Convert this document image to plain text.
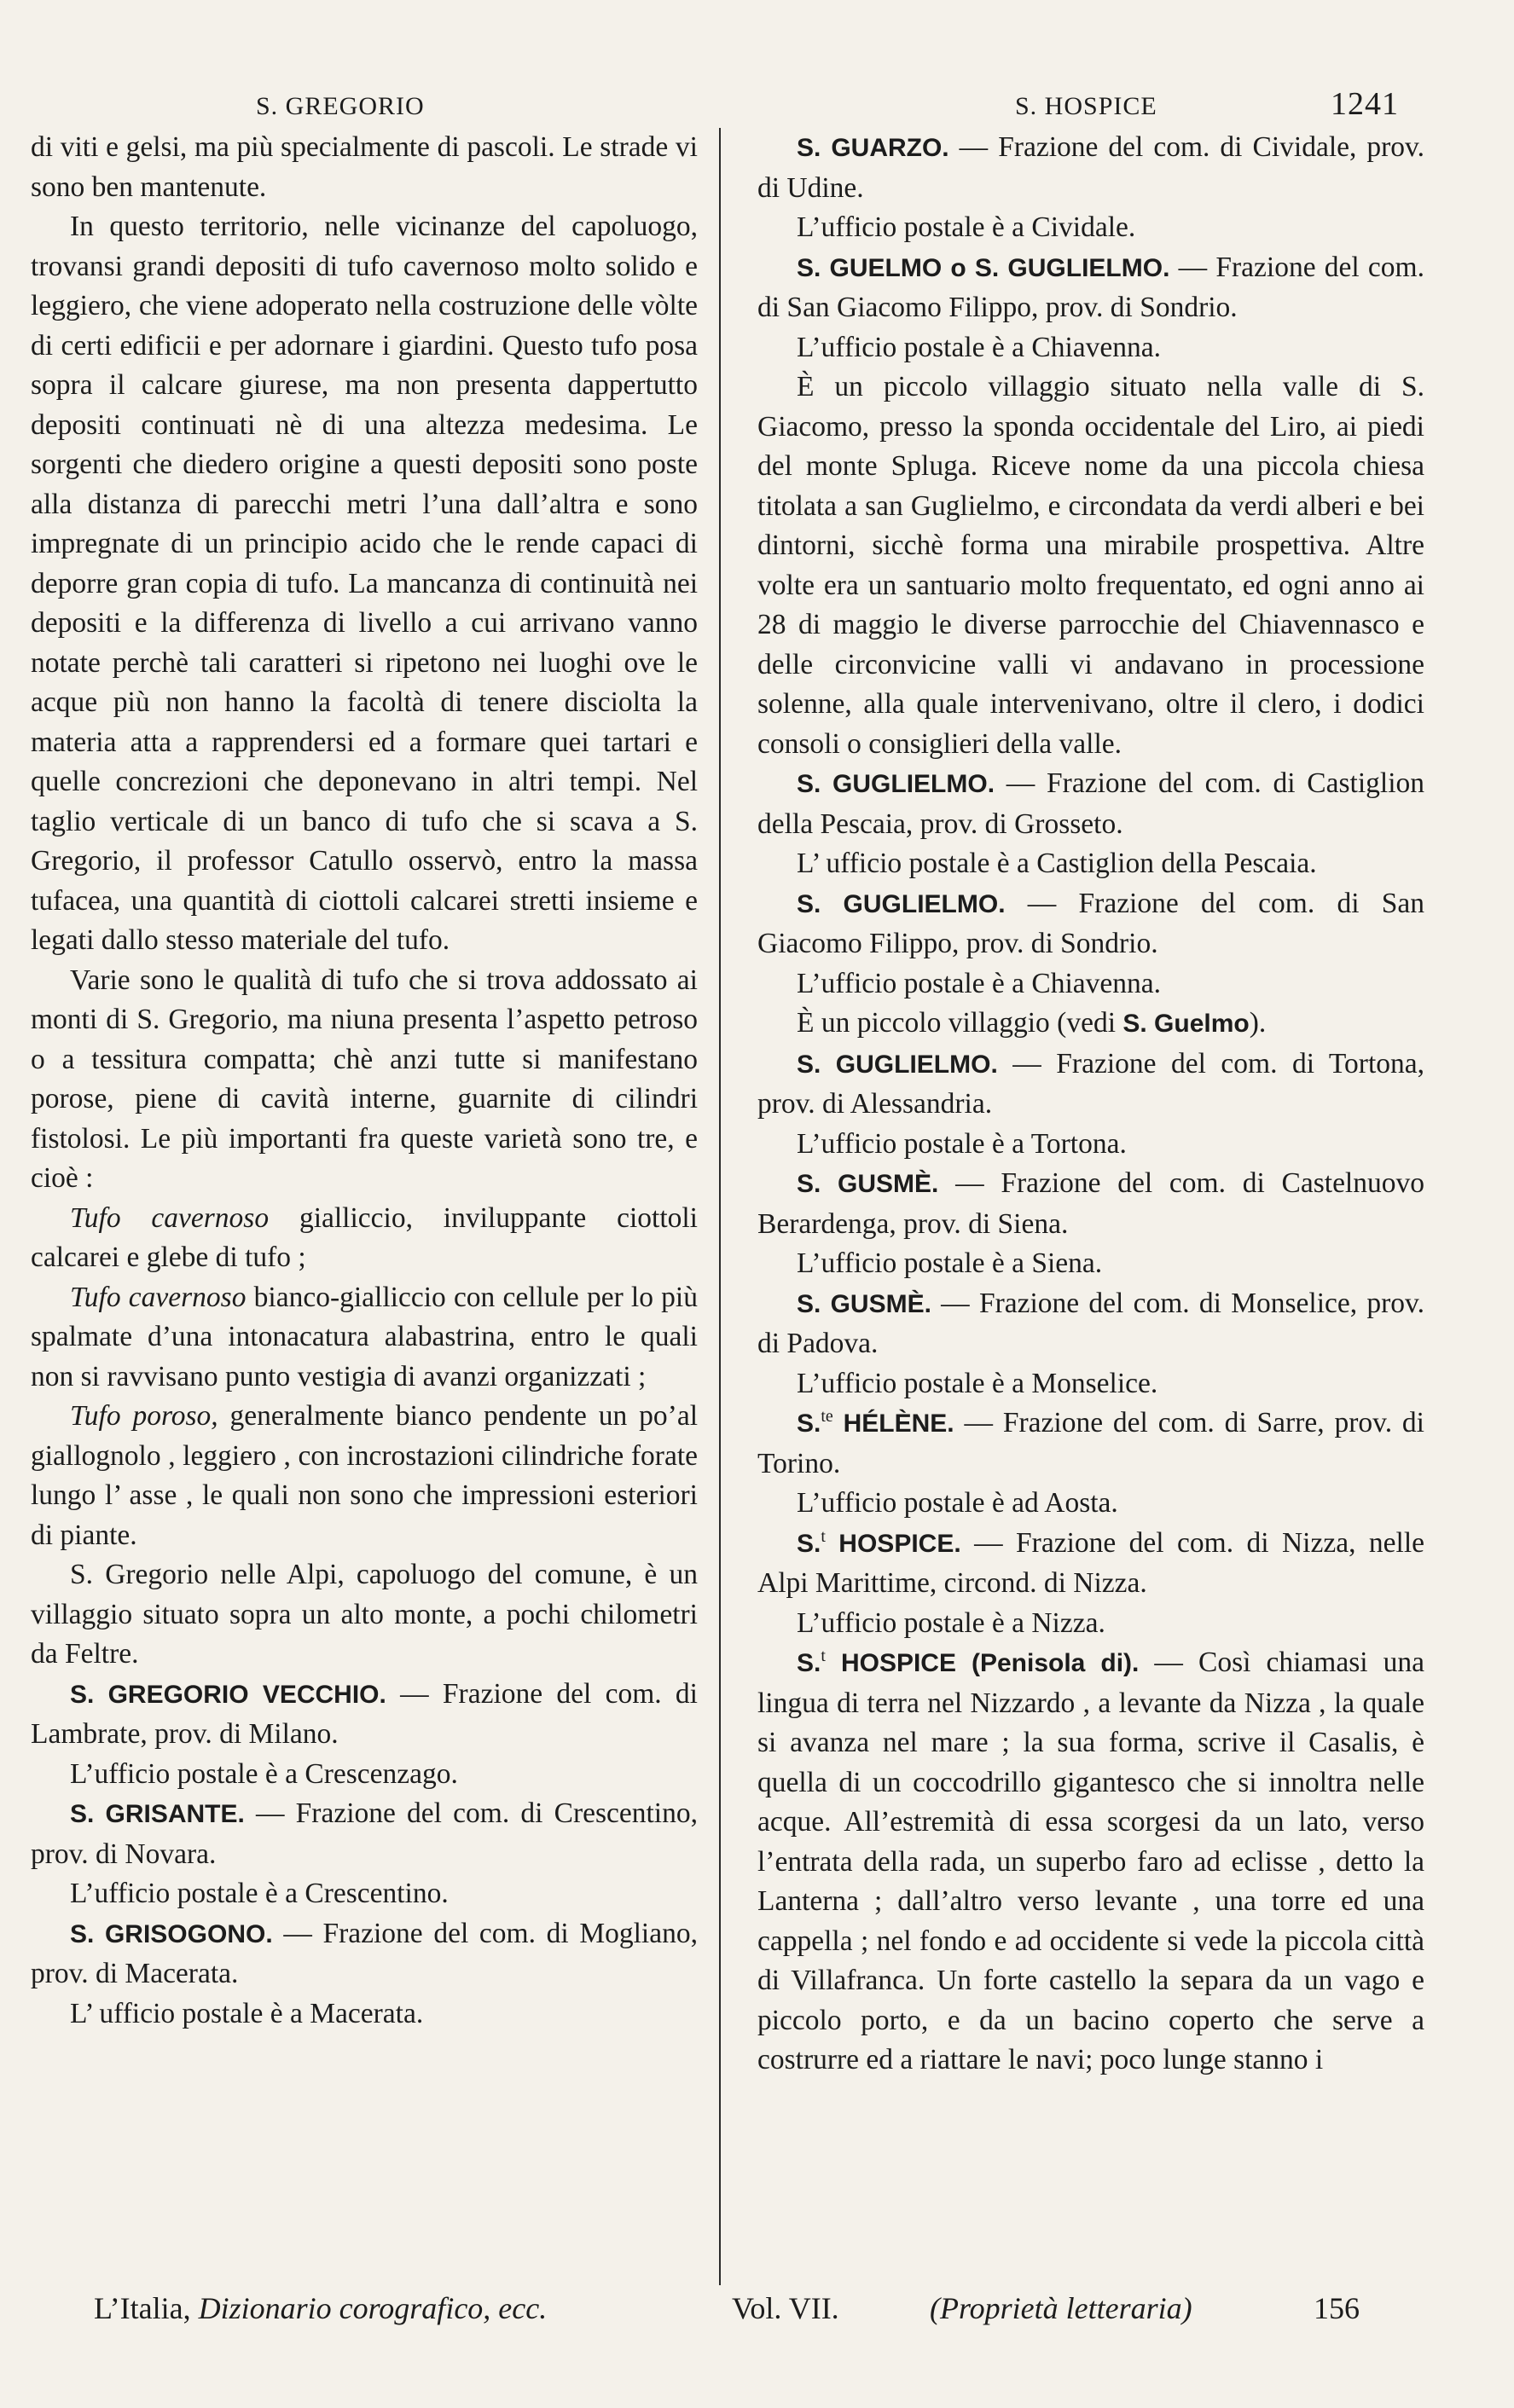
S. GREGORIO	S. HOSPICE	1241

di viti e gelsi, ma più specialmente di pascoli. Le strade vi sono ben mantenute.

In questo territorio, nelle vicinanze del capoluogo, trovansi grandi depositi di tufo cavernoso molto solido e leggiero, che viene adoperato nella costruzione delle vòlte di certi edificii e per adornare i giardini. Questo tufo posa sopra il calcare giurese, ma non presenta dappertutto depositi continuati nè di una altezza medesima. Le sorgenti che diedero origine a questi depositi sono poste alla distanza di parecchi metri l’una dall’altra e sono impregnate di un principio acido che le rende capaci di deporre gran copia di tufo. La mancanza di continuità nei depositi e la differenza di livello a cui arrivano vanno notate perchè tali caratteri si ripetono nei luoghi ove le acque più non hanno la facoltà di tenere disciolta la materia atta a rapprendersi ed a formare quei tartari e quelle concrezioni che deponevano in altri tempi. Nel taglio verticale di un banco di tufo che si scava a S. Gregorio, il professor Catullo osservò, entro la massa tufacea, una quantità di ciottoli calcarei stretti insieme e legati dallo stesso materiale del tufo.

Varie sono le qualità di tufo che si trova addossato ai monti di S. Gregorio, ma niuna presenta l’aspetto petroso o a tessitura compatta; chè anzi tutte si manifestano porose, piene di cavità interne, guarnite di cilindri fistolosi. Le più importanti fra queste varietà sono tre, e cioè :

Tufo cavernoso gialliccio, inviluppante ciottoli calcarei e glebe di tufo ;

Tufo cavernoso bianco-gialliccio con cellule per lo più spalmate d’una intonacatura alabastrina, entro le quali non si ravvisano punto vestigia di avanzi organizzati ;

Tufo poroso, generalmente bianco pendente un po’al giallognolo , leggiero , con incrostazioni cilindriche forate lungo l’ asse , le quali non sono che impressioni esteriori di piante.

S. Gregorio nelle Alpi, capoluogo del comune, è un villaggio situato sopra un alto monte, a pochi chilometri da Feltre.

S. GREGORIO VECCHIO. — Frazione del com. di Lambrate, prov. di Milano.

L’ufficio postale è a Crescenzago.

S. GRISANTE. — Frazione del com. di Crescentino, prov. di Novara.

L’ufficio postale è a Crescentino.

S. GRISOGONO. — Frazione del com. di Mogliano, prov. di Macerata.

L’ ufficio postale è a Macerata.

S. GUARZO. — Frazione del com. di Cividale, prov. di Udine.

L’ufficio postale è a Cividale.

S. GUELMO o S. GUGLIELMO. — Frazione del com. di San Giacomo Filippo, prov. di Sondrio.

L’ufficio postale è a Chiavenna.

È un piccolo villaggio situato nella valle di S. Giacomo, presso la sponda occidentale del Liro, ai piedi del monte Spluga. Riceve nome da una piccola chiesa titolata a san Guglielmo, e circondata da verdi alberi e bei dintorni, sicchè forma una mirabile prospettiva. Altre volte era un santuario molto frequentato, ed ogni anno ai 28 di maggio le diverse parrocchie del Chiavennasco e delle circonvicine valli vi andavano in processione solenne, alla quale intervenivano, oltre il clero, i dodici consoli o consiglieri della valle.

S. GUGLIELMO. — Frazione del com. di Castiglion della Pescaia, prov. di Grosseto.

L’ ufficio postale è a Castiglion della Pescaia.

S. GUGLIELMO. — Frazione del com. di San Giacomo Filippo, prov. di Sondrio.

L’ufficio postale è a Chiavenna.

È un piccolo villaggio (vedi S. Guelmo).

S. GUGLIELMO. — Frazione del com. di Tortona, prov. di Alessandria.

L’ufficio postale è a Tortona.

S. GUSMÈ. — Frazione del com. di Castelnuovo Berardenga, prov. di Siena.

L’ufficio postale è a Siena.

S. GUSMÈ. — Frazione del com. di Monselice, prov. di Padova.

L’ufficio postale è a Monselice.

S.$^{te}$ HÉLÈNE. — Frazione del com. di Sarre, prov. di Torino.

L’ufficio postale è ad Aosta.

S.$^t$ HOSPICE. — Frazione del com. di Nizza, nelle Alpi Marittime, circond. di Nizza.

L’ufficio postale è a Nizza.

S.$^t$ HOSPICE (Penisola di). — Così chiamasi una lingua di terra nel Nizzardo , a levante da Nizza , la quale si avanza nel mare ; la sua forma, scrive il Casalis, è quella di un coccodrillo gigantesco che si innoltra nelle acque. All’estremità di essa scorgesi da un lato, verso l’entrata della rada, un superbo faro ad eclisse , detto la Lanterna ; dall’altro verso levante , una torre ed una cappella ; nel fondo e ad occidente si vede la piccola città di Villafranca. Un forte castello la separa da un vago e piccolo porto, e da un bacino coperto che serve a costrurre ed a riattare le navi; poco lunge stanno i

L’Italia, Dizionario corografico, ecc.	Vol. VII.	(Proprietà letteraria)	156
